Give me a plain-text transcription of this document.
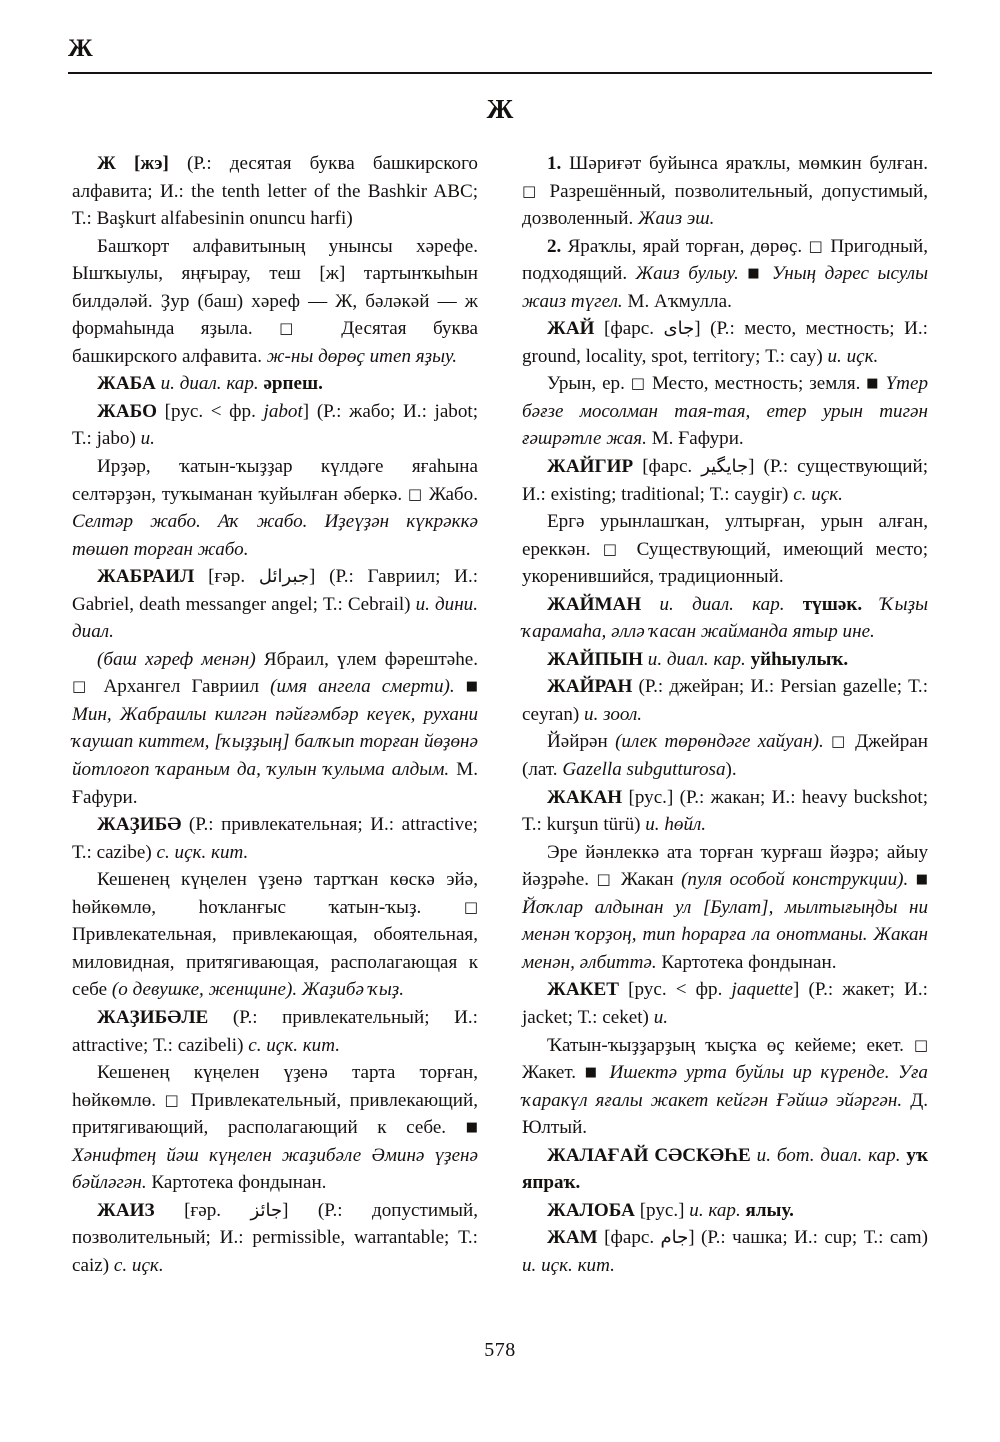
Ж
Ж

Ж [жэ] (Р.: десятая буква башкирского алфавита; И.: the tenth letter of the Bashkir ABC; Т.: Başkurt alfabesinin onuncu harfi)

Башҡорт алфавитының унынсы хәрефе. Ышҡыулы, яңғырау, теш [ж] тартынҡыһын билдәләй. Ҙур (баш) хәреф — Ж, бәләкәй — ж формаһында яҙыла. □ Десятая буква башкирского алфавита. ж-ны дөрөҫ итеп яҙыу.

ЖАБА и. диал. кар. әрпеш.

ЖАБО [рус. < фр. jabot] (Р.: жабо; И.: jabot; Т.: jabo) и.

Ирҙәр, ҡатын-ҡыҙҙар күлдәге яғаһына селтәрҙән, туҡыманан ҡуйылған әберкә. □ Жабо. Селтәр жабо. Аҡ жабо. Иҙеүҙән күкрәккә төшөп торған жабо.

ЖАБРАИЛ [ғәр. جبرائل] (Р.: Гавриил; И.: Gabriel, death messanger angel; Т.: Cebrail) и. дини. диал.

(баш хәреф менән) Ябраил, үлем фәрештәһе. □ Архангел Гавриил (имя ангела смерти). ■ Мин, Жабраилы килгән пәйғәмбәр кеүек, рухани ҡаушап киттем, [ҡыҙҙың] балҡып торған йөҙөнә йотлоғоп ҡараным да, ҡулын ҡулыма алдым. М. Ғафури.

ЖАҘИБӘ (Р.: привлекательная; И.: attractive; Т.: cazibe) с. иҫк. кит.

Кешенең күңелен үҙенә тартҡан көскә эйә, һөйкөмлө, һоҡланғыс ҡатын-ҡыҙ.	□ Привлекательная, привлекающая, обоятельная, миловидная, притягивающая, располагающая к себе (о девушке, женщине). Жаҙибә ҡыҙ.

ЖАҘИБӘЛЕ (Р.: привлекательный; И.: attractive; Т.: cazibeli) с. иҫк. кит.

Кешенең күңелен үҙенә тарта торған, һөйкөмлө. □ Привлекательный, привлекающий, притягивающий, располагающий к себе. ■ Хәнифтең йәш күңелен жаҙибәле Әминә үҙенә бәйләгән. Картотека фондынан.

ЖАИЗ [ғәр. جائز] (Р.: допустимый, позволительный; И.: permissible, warrantable; Т.: caiz) с. иҫк.

1. Шәриғәт буйынса яраҡлы, мөмкин булған. □ Разрешённый, позволительный, допустимый, дозволенный. Жаиз эш.

2. Яраҡлы, ярай торған, дөрөҫ. □ Пригодный, подходящий. Жаиз булыу. ■ Уның дәрес ысулы жаиз түгел. М. Аҡмулла.

ЖАЙ [фарс. جاى] (Р.: место, местность; И.: ground, locality, spot, territory; Т.: cay) и. иҫк.

Урын, ер. □ Место, местность; земля. ■ Үтер бәғзе мосолман тая-тая, етер урын тигән ғәшрәтле жая. М. Ғафури.

ЖАЙГИР [фарс. جايگير] (Р.: существующий; И.: existing; traditional; Т.: caygir) с. иҫк.

Ергә урынлашҡан, ултырған, урын алған, ереккән. □ Существующий, имеющий место; укоренившийся, традиционный.

ЖАЙМАН и. диал. кар. түшәк. Ҡыҙы ҡарамаһа, әллә ҡасан жайманда ятыр ине.

ЖАЙПЫН и. диал. кар. уйһыулыҡ.

ЖАЙРАН (Р.: джейран; И.: Persian gazelle; Т.: ceyran) и. зоол.

Йәйрән (илек төрөндәге хайуан). □ Джейран (лат. Gazella subgutturosa).

ЖАКАН [рус.] (Р.: жакан; И.: heavy buckshot; Т.: kurşun türü) и. һөйл.

Эре йәнлеккә ата торған ҡурғаш йәҙрә; айыу йәҙрәһе. □ Жакан (пуля особой конструкции). ■ Йоҡлар алдынан ул [Булат], мылтығыңды ни менән ҡорҙоң, тип һорарға ла онотманы. Жакан менән, әлбиттә. Картотека фондынан.

ЖАКЕТ [рус. < фр. jaquette] (Р.: жакет; И.: jacket; Т.: ceket) и.

Ҡатын-ҡыҙҙарҙың ҡыҫҡа өҫ кейеме; екет. □ Жакет. ■ Ишектә урта буйлы ир күренде. Уға ҡаракүл яғалы жакет кейгән Ғәйшә эйәргән. Д. Юлтый.

ЖАЛАҒАЙ СӘСКӘҺЕ и. бот. диал. кар. уҡ япраҡ.

ЖАЛОБА [рус.] и. кар. ялыу.

ЖАМ [фарс. جام] (Р.: чашка; И.: cup; Т.: cam) и. иҫк. кит.

578
